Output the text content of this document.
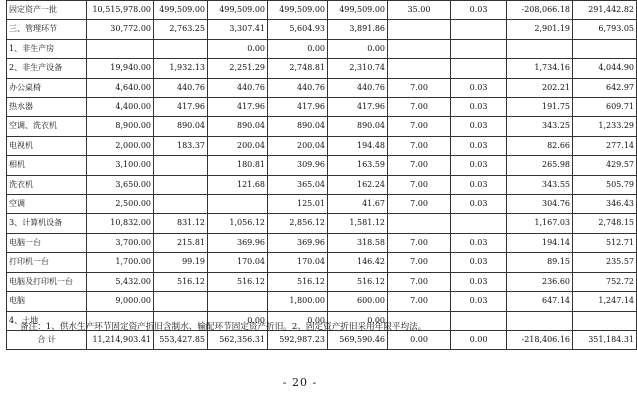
固定资产一批	10,515,978.00	499,509.00	499,509.00	499,509.00	499,509.00	35.00	0.03	-208,066.18	291,442.82
三、管理环节	30,772.00	2,763.25	3,307.41	5,604.93	3,891.86			2,901.19	6,793.05
1、非生产房			0.00	0.00	0.00				
2、非生产设备	19,940.00	1,932.13	2,251.29	2,748.81	2,310.74			1,734.16	4,044.90
办公桌椅	4,640.00	440.76	440.76	440.76	440.76	7.00	0.03	202.21	642.97
热水器	4,400.00	417.96	417.96	417.96	417.96	7.00	0.03	191.75	609.71
空调、洗衣机	8,900.00	890.04	890.04	890.04	890.04	7.00	0.03	343.25	1,233.29
电视机	2,000.00	183.37	200.04	200.04	194.48	7.00	0.03	82.66	277.14
相机	3,100.00		180.81	309.96	163.59	7.00	0.03	265.98	429.57
洗衣机	3,650.00		121.68	365.04	162.24	7.00	0.03	343.55	505.79
空调	2,500.00			125.01	41.67	7.00	0.03	304.76	346.43
3、计算机设备	10,832.00	831.12	1,056.12	2,856.12	1,581.12			1,167.03	2,748.15
电脑一台	3,700.00	215.81	369.96	369.96	318.58	7.00	0.03	194.14	512.71
打印机一台	1,700.00	99.19	170.04	170.04	146.42	7.00	0.03	89.15	235.57
电脑及打印机一台	5,432.00	516.12	516.12	516.12	516.12	7.00	0.03	236.60	752.72
电脑	9,000.00			1,800.00	600.00	7.00	0.03	647.14	1,247.14
4、土地			0.00	0.00	0.00				
合 计	11,214,903.41	553,427.85	562,356.31	592,987.23	569,590.46	0.00	0.00	-218,406.16	351,184.31
备注：1、供水生产环节固定资产折旧含制水、输配环节固定资产折旧。2、固定资产折旧采用年限平均法。
- 20 -
